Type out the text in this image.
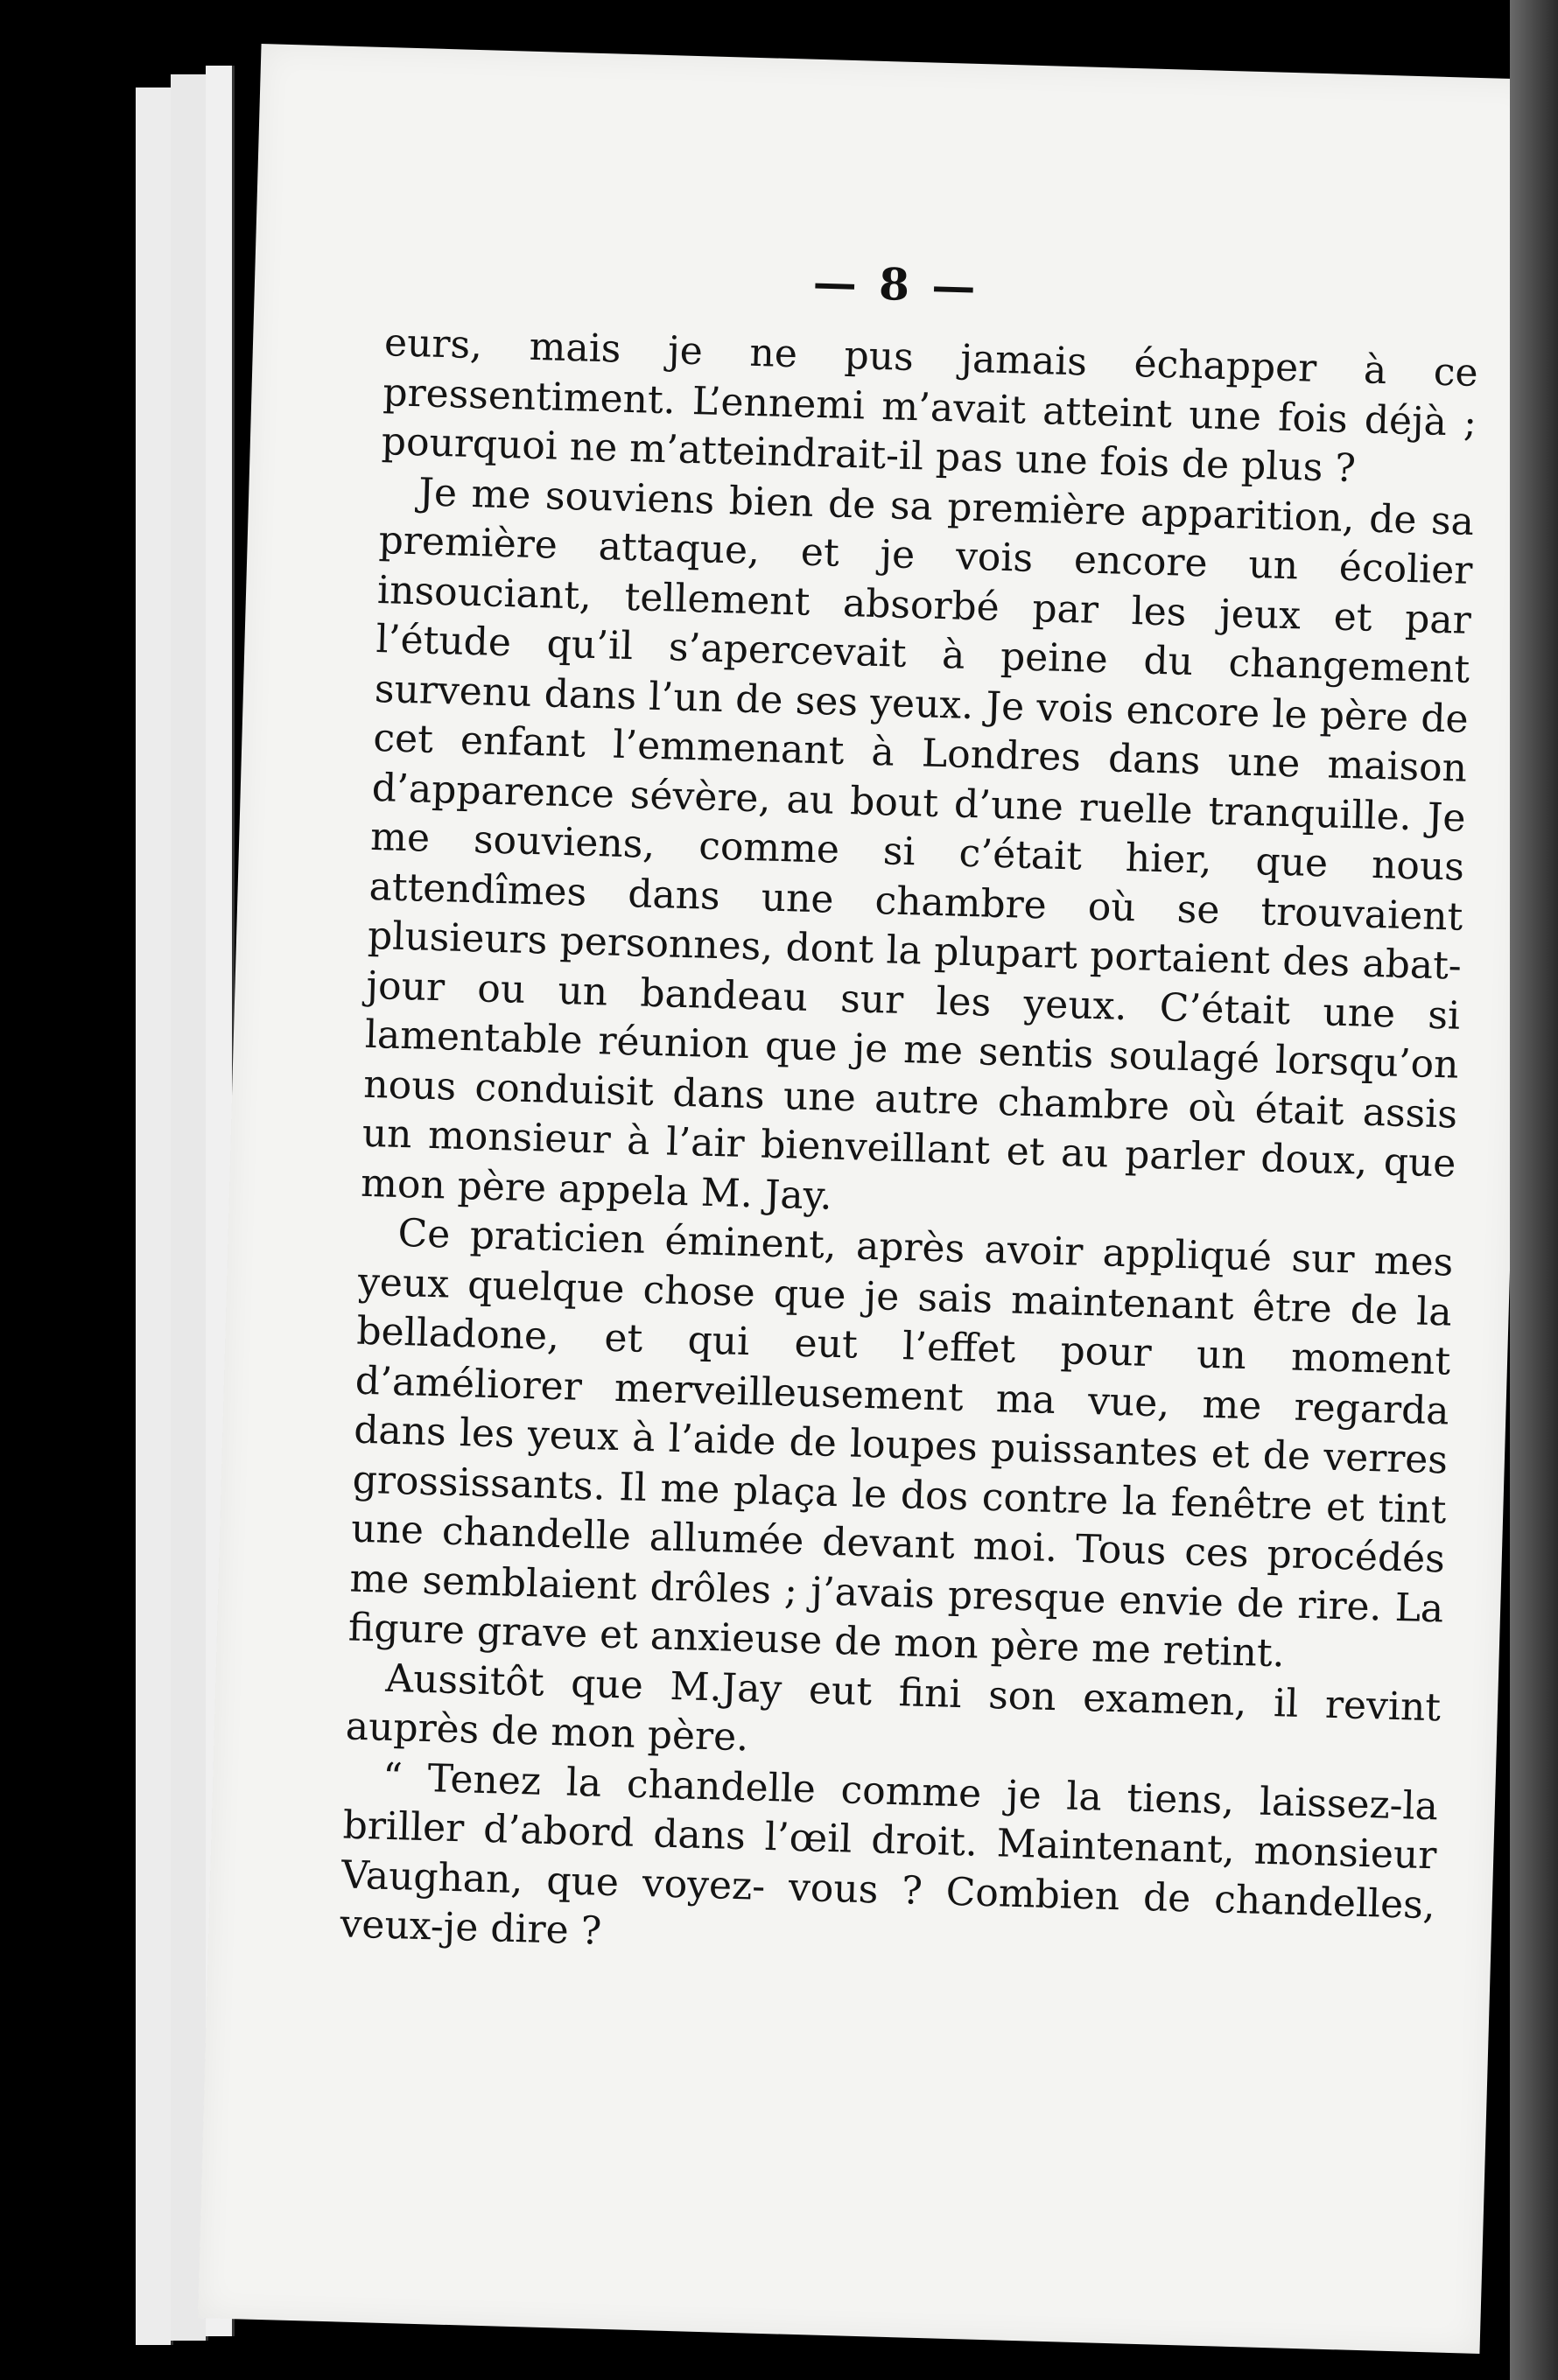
— 8 —

eurs, mais je ne pus jamais échapper à ce pressentiment. L’ennemi m’avait atteint une fois déjà ; pourquoi ne m’atteindrait-il pas une fois de plus ?

Je me souviens bien de sa première apparition, de sa première attaque, et je vois encore un écolier insouciant, tellement absorbé par les jeux et par l’étude qu’il s’apercevait à peine du changement survenu dans l’un de ses yeux. Je vois encore le père de cet enfant l’emmenant à Londres dans une maison d’apparence sévère, au bout d’une ruelle tranquille. Je me souviens, comme si c’était hier, que nous attendîmes dans une chambre où se trouvaient plusieurs personnes, dont la plupart portaient des abat-jour ou un bandeau sur les yeux. C’était une si lamentable réunion que je me sentis soulagé lorsqu’on nous conduisit dans une autre chambre où était assis un monsieur à l’air bienveillant et au parler doux, que mon père appela M. Jay.

Ce praticien éminent, après avoir appliqué sur mes yeux quelque chose que je sais maintenant être de la belladone, et qui eut l’effet pour un moment d’améliorer merveilleusement ma vue, me regarda dans les yeux à l’aide de loupes puissantes et de verres grossissants. Il me plaça le dos contre la fenêtre et tint une chandelle allumée devant moi. Tous ces procédés me semblaient drôles ; j’avais presque envie de rire. La figure grave et anxieuse de mon père me retint.

Aussitôt que M.Jay eut fini son examen, il revint auprès de mon père.

“ Tenez la chandelle comme je la tiens, laissez-la briller d’abord dans l’œil droit. Maintenant, monsieur Vaughan, que voyez- vous ? Combien de chandelles, veux-je dire ?
